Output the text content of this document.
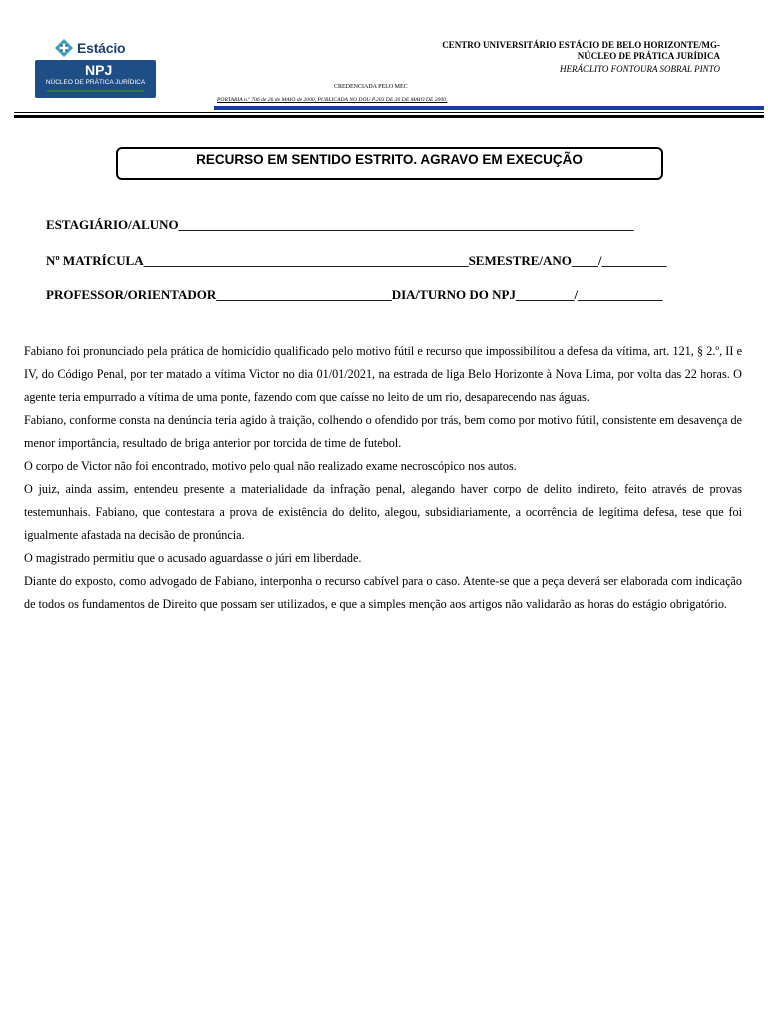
Estácio
NPJ
NÚCLEO DE PRÁTICA JURÍDICA
CENTRO UNIVERSITÁRIO ESTÁCIO DE BELO HORIZONTE/MG-
NÚCLEO DE PRÁTICA JURÍDICA
HERÁCLITO FONTOURA SOBRAL PINTO
CREDENCIADA PELO MEC
PORTARIA n.º 706 de 26 de MAIO de 2000, PUBLICADA NO DOU P.203 DE 30 DE MAIO DE 2000.
RECURSO EM SENTIDO ESTRITO. AGRAVO EM EXECUÇÃO
ESTAGIÁRIO/ALUNO______________________________________________________________________
Nº MATRÍCULA__________________________________________________SEMESTRE/ANO____/__________
PROFESSOR/ORIENTADOR___________________________DIA/TURNO DO NPJ_________/_____________

Fabiano foi pronunciado pela prática de homicídio qualificado pelo motivo fútil e recurso que impossibilitou a defesa da vítima, art. 121, § 2.º, II e IV, do Código Penal, por ter matado a vítima Victor no dia 01/01/2021, na estrada de liga Belo Horizonte à Nova Lima, por volta das 22 horas. O agente teria empurrado a vítima de uma ponte, fazendo com que caísse no leito de um rio, desaparecendo nas águas.

Fabiano, conforme consta na denúncia teria agido à traição, colhendo o ofendido por trás, bem como por motivo fútil, consistente em desavença de menor importância, resultado de briga anterior por torcida de time de futebol.

O corpo de Victor não foi encontrado, motivo pelo qual não realizado exame necroscópico nos autos.

O juiz, ainda assim, entendeu presente a materialidade da infração penal, alegando haver corpo de delito indireto, feito através de provas testemunhais. Fabiano, que contestara a prova de existência do delito, alegou, subsidiariamente, a ocorrência de legítima defesa, tese que foi igualmente afastada na decisão de pronúncia.

O magistrado permitiu que o acusado aguardasse o júri em liberdade.

Diante do exposto, como advogado de Fabiano, interponha o recurso cabível para o caso. Atente-se que a peça deverá ser elaborada com indicação de todos os fundamentos de Direito que possam ser utilizados, e que a simples menção aos artigos não validarão as horas do estágio obrigatório.
